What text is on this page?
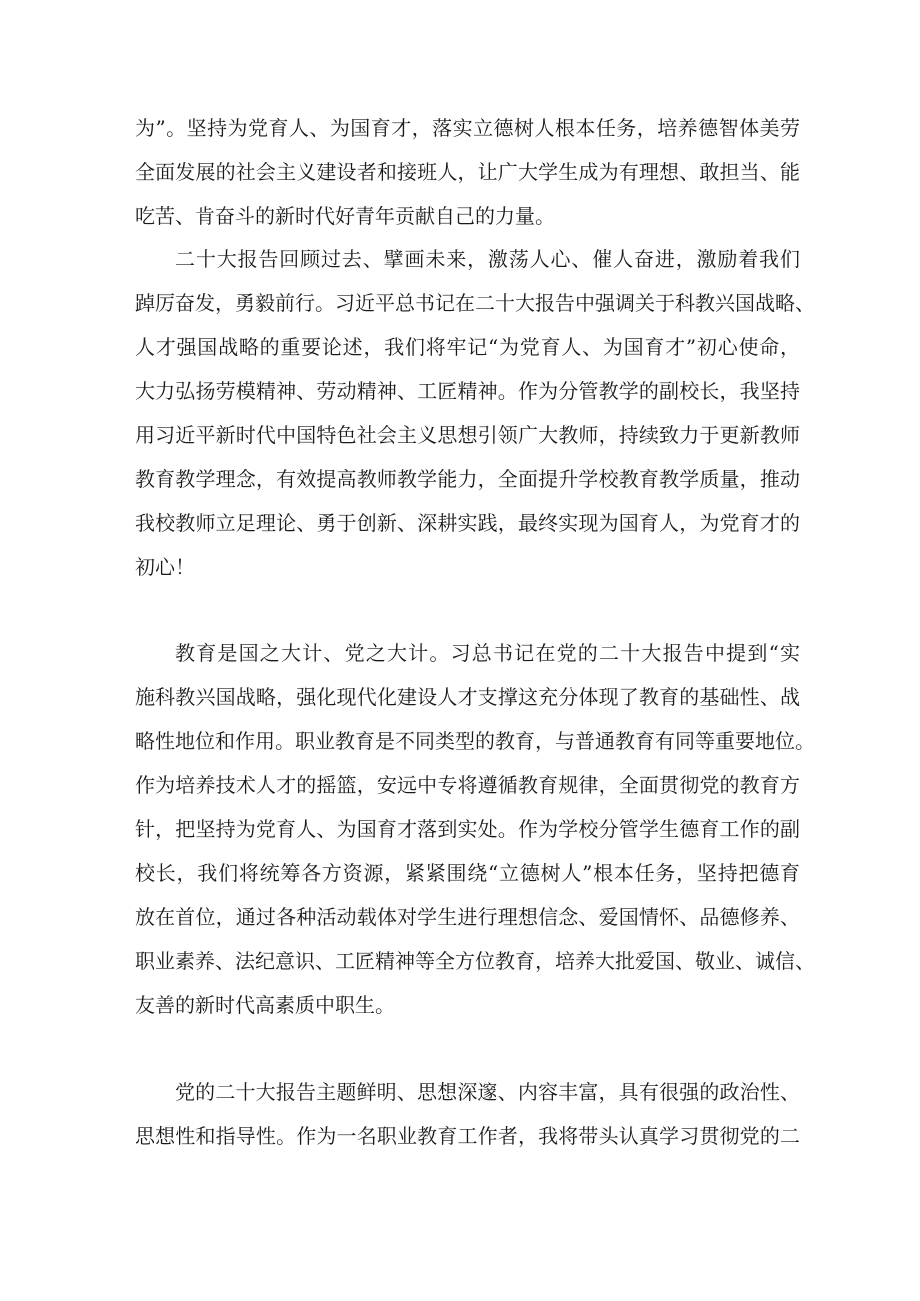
为”。坚持为党育人、为国育才，落实立德树人根本任务，培养德智体美劳
全面发展的社会主义建设者和接班人，让广大学生成为有理想、敢担当、能
吃苦、肯奋斗的新时代好青年贡献自己的力量。
二十大报告回顾过去、擘画未来，激荡人心、催人奋进，激励着我们
踔厉奋发，勇毅前行。习近平总书记在二十大报告中强调关于科教兴国战略、
人才强国战略的重要论述，我们将牢记“为党育人、为国育才”初心使命，
大力弘扬劳模精神、劳动精神、工匠精神。作为分管教学的副校长，我坚持
用习近平新时代中国特色社会主义思想引领广大教师，持续致力于更新教师
教育教学理念，有效提高教师教学能力，全面提升学校教育教学质量，推动
我校教师立足理论、勇于创新、深耕实践，最终实现为国育人，为党育才的
初心！
教育是国之大计、党之大计。习总书记在党的二十大报告中提到“实
施科教兴国战略，强化现代化建设人才支撑这充分体现了教育的基础性、战
略性地位和作用。职业教育是不同类型的教育，与普通教育有同等重要地位。
作为培养技术人才的摇篮，安远中专将遵循教育规律，全面贯彻党的教育方
针，把坚持为党育人、为国育才落到实处。作为学校分管学生德育工作的副
校长，我们将统筹各方资源，紧紧围绕“立德树人”根本任务，坚持把德育
放在首位，通过各种活动载体对学生进行理想信念、爱国情怀、品德修养、
职业素养、法纪意识、工匠精神等全方位教育，培养大批爱国、敬业、诚信、
友善的新时代高素质中职生。
党的二十大报告主题鲜明、思想深邃、内容丰富，具有很强的政治性、
思想性和指导性。作为一名职业教育工作者，我将带头认真学习贯彻党的二
